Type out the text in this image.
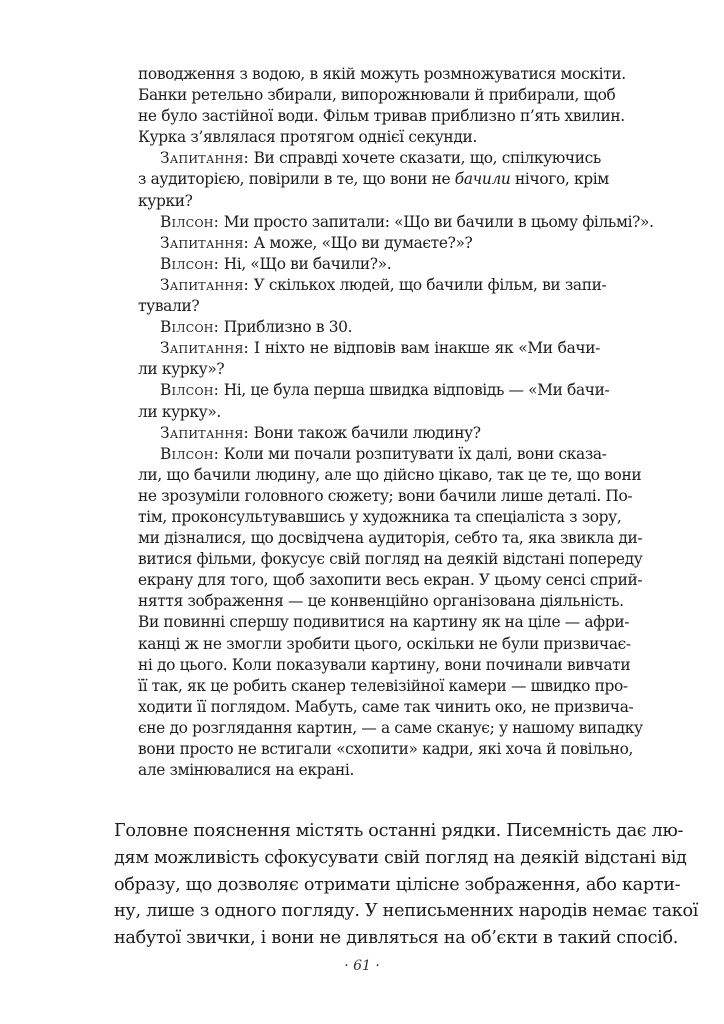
поводження з водою, в якій можуть розмножуватися москіти.
Банки ретельно збирали, випорожнювали й прибирали, щоб
не було застійної води. Фільм тривав приблизно п’ять хвилин.
Курка з’являлася протягом однієї секунди.
Запитання: Ви справді хочете сказати, що, спілкуючись
з аудиторією, повірили в те, що вони не бачили нічого, крім
курки?
Вілсон: Ми просто запитали: «Що ви бачили в цьому фільмі?».
Запитання: А може, «Що ви думаєте?»?
Вілсон: Ні, «Що ви бачили?».
Запитання: У скількох людей, що бачили фільм, ви запи-
тували?
Вілсон: Приблизно в 30.
Запитання: І ніхто не відповів вам інакше як «Ми бачи-
ли курку»?
Вілсон: Ні, це була перша швидка відповідь — «Ми бачи-
ли курку».
Запитання: Вони також бачили людину?
Вілсон: Коли ми почали розпитувати їх далі, вони сказа-
ли, що бачили людину, але що дійсно цікаво, так це те, що вони
не зрозуміли головного сюжету; вони бачили лише деталі. По-
тім, проконсультувавшись у художника та спеціаліста з зору,
ми дізналися, що досвідчена аудиторія, себто та, яка звикла ди-
витися фільми, фокусує свій погляд на деякій відстані попереду
екрану для того, щоб захопити весь екран. У цьому сенсі сприй-
няття зображення — це конвенційно організована діяльність.
Ви повинні спершу подивитися на картину як на ціле — афри-
канці ж не змогли зробити цього, оскільки не були призвичає-
ні до цього. Коли показували картину, вони починали вивчати
її так, як це робить сканер телевізійної камери — швидко про-
ходити її поглядом. Мабуть, саме так чинить око, не призвича-
єне до розглядання картин, — а саме сканує; у нашому випадку
вони просто не встигали «схопити» кадри, які хоча й повільно,
але змінювалися на екрані.
Головне пояснення містять останні рядки. Писемність дає лю-
дям можливість сфокусувати свій погляд на деякій відстані від
образу, що дозволяє отримати цілісне зображення, або карти-
ну, лише з одного погляду. У неписьменних народів немає такої
набутої звички, і вони не дивляться на об’єкти в такий спосіб.
· 61 ·
